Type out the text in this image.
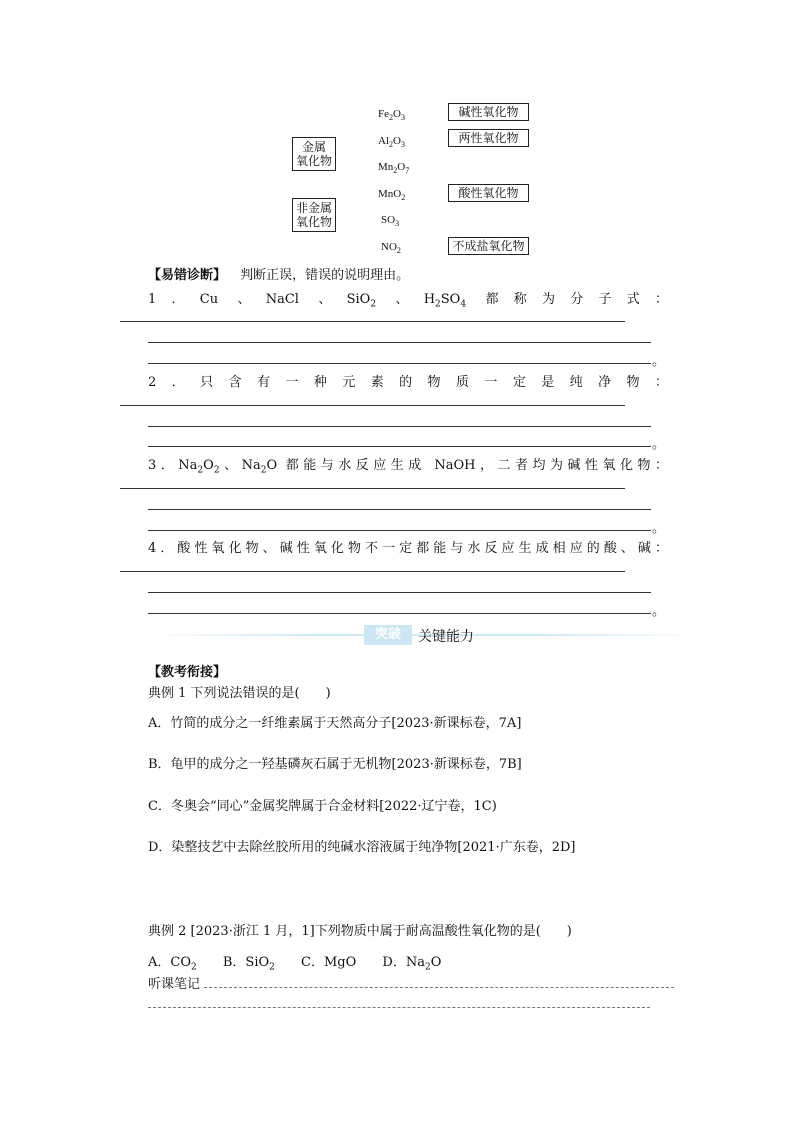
金属
氧化物
非金属
氧化物
$Fe_2O_3$
$Al_2O_3$
$Mn_2O_7$
MnO$_2$
$SO_3$
$NO_2$
碱性氧化物
两性氧化物
酸性氧化物
不成盐氧化物
【易错诊断】 判断正误，错误的说明理由。
1．Cu 、NaCl 、SiO$_2$ 、$H_2SO_4$ 都称为分子式：
。
2．只含有一种元素的物质一定是纯净物：
。
3．$Na_2O_2$、$Na_2O$ 都能与水反应生成 NaOH，二者均为碱性氧化物：
。
4．酸性氧化物、碱性氧化物不一定都能与水反应生成相应的酸、碱：
。
突破	关键能力
【教考衔接】
典例 1 下列说法错误的是(　　)
A．竹简的成分之一纤维素属于天然高分子[2023·新课标卷，7A]
B．龟甲的成分之一羟基磷灰石属于无机物[2023·新课标卷，7B]
C．冬奥会“同心”金属奖牌属于合金材料[2022·辽宁卷，1C)
D．染整技艺中去除丝胶所用的纯碱水溶液属于纯净物[2021·广东卷，2D]
典例 2 [2023·浙江 1 月，1]下列物质中属于耐高温酸性氧化物的是(　　)
A．$CO_2$ B．SiO$_2$ C．MgO D．$Na_2O$
听课笔记
